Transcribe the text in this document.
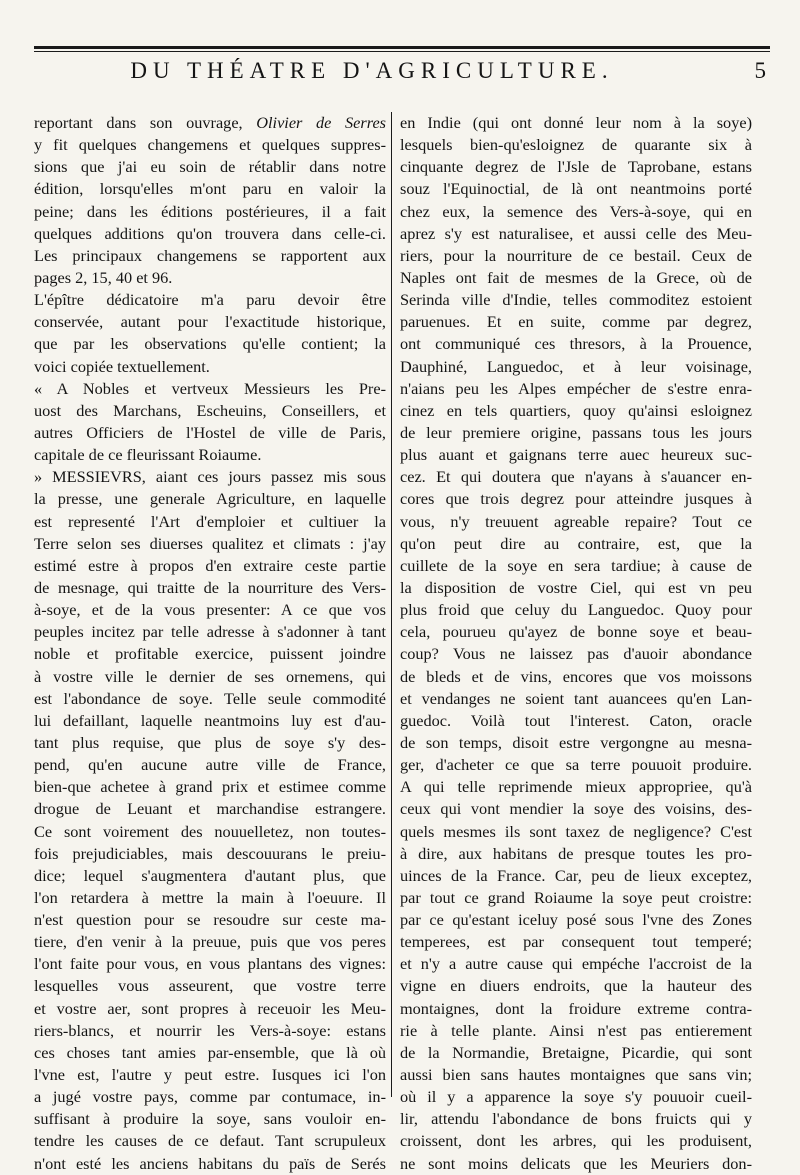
DU THÉATRE D'AGRICULTURE.	5
reportant dans son ouvrage, Olivier de Serres
y fit quelques changemens et quelques suppres-
sions que j'ai eu soin de rétablir dans notre
édition, lorsqu'elles m'ont paru en valoir la
peine; dans les éditions postérieures, il a fait
quelques additions qu'on trouvera dans celle-ci.
Les principaux changemens se rapportent aux
pages 2, 15, 40 et 96.
L'épître dédicatoire m'a paru devoir être
conservée, autant pour l'exactitude historique,
que par les observations qu'elle contient; la
voici copiée textuellement.
« A Nobles et vertveux Messieurs les Pre-
uost des Marchans, Escheuins, Conseillers, et
autres Officiers de l'Hostel de ville de Paris,
capitale de ce fleurissant Roiaume.
» MESSIEVRS, aiant ces jours passez mis sous
la presse, une generale Agriculture, en laquelle
est representé l'Art d'emploier et cultiuer la
Terre selon ses diuerses qualitez et climats : j'ay
estimé estre à propos d'en extraire ceste partie
de mesnage, qui traitte de la nourriture des Vers-
à-soye, et de la vous presenter: A ce que vos
peuples incitez par telle adresse à s'adonner à tant
noble et profitable exercice, puissent joindre
à vostre ville le dernier de ses ornemens, qui
est l'abondance de soye. Telle seule commodité
lui defaillant, laquelle neantmoins luy est d'au-
tant plus requise, que plus de soye s'y des-
pend, qu'en aucune autre ville de France,
bien-que achetee à grand prix et estimee comme
drogue de Leuant et marchandise estrangere.
Ce sont voirement des nouuelletez, non toutes-
fois prejudiciables, mais descouurans le preiu-
dice; lequel s'augmentera d'autant plus, que
l'on retardera à mettre la main à l'oeuure. Il
n'est question pour se resoudre sur ceste ma-
tiere, d'en venir à la preuue, puis que vos peres
l'ont faite pour vous, en vous plantans des vignes:
lesquelles vous asseurent, que vostre terre
et vostre aer, sont propres à receuoir les Meu-
riers-blancs, et nourrir les Vers-à-soye: estans
ces choses tant amies par-ensemble, que là où
l'vne est, l'autre y peut estre. Iusques ici l'on
a jugé vostre pays, comme par contumace, in-
suffisant à produire la soye, sans vouloir en-
tendre les causes de ce defaut. Tant scrupuleux
n'ont esté les anciens habitans du païs de Serés
en Indie (qui ont donné leur nom à la soye)
lesquels bien-qu'esloignez de quarante six à
cinquante degrez de l'Jsle de Taprobane, estans
souz l'Equinoctial, de là ont neantmoins porté
chez eux, la semence des Vers-à-soye, qui en
aprez s'y est naturalisee, et aussi celle des Meu-
riers, pour la nourriture de ce bestail. Ceux de
Naples ont fait de mesmes de la Grece, où de
Serinda ville d'Indie, telles commoditez estoient
paruenues. Et en suite, comme par degrez,
ont communiqué ces thresors, à la Prouence,
Dauphiné, Languedoc, et à leur voisinage,
n'aians peu les Alpes empécher de s'estre enra-
cinez en tels quartiers, quoy qu'ainsi esloignez
de leur premiere origine, passans tous les jours
plus auant et gaignans terre auec heureux suc-
cez. Et qui doutera que n'ayans à s'auancer en-
cores que trois degrez pour atteindre jusques à
vous, n'y treuuent agreable repaire? Tout ce
qu'on peut dire au contraire, est, que la
cuillete de la soye en sera tardiue; à cause de
la disposition de vostre Ciel, qui est vn peu
plus froid que celuy du Languedoc. Quoy pour
cela, pourueu qu'ayez de bonne soye et beau-
coup? Vous ne laissez pas d'auoir abondance
de bleds et de vins, encores que vos moissons
et vendanges ne soient tant auancees qu'en Lan-
guedoc. Voilà tout l'interest. Caton, oracle
de son temps, disoit estre vergongne au mesna-
ger, d'acheter ce que sa terre pouuoit produire.
A qui telle reprimende mieux appropriee, qu'à
ceux qui vont mendier la soye des voisins, des-
quels mesmes ils sont taxez de negligence? C'est
à dire, aux habitans de presque toutes les pro-
uinces de la France. Car, peu de lieux exceptez,
par tout ce grand Roiaume la soye peut croistre:
par ce qu'estant iceluy posé sous l'vne des Zones
temperees, est par consequent tout temperé;
et n'y a autre cause qui empéche l'accroist de la
vigne en diuers endroits, que la hauteur des
montaignes, dont la froidure extreme contra-
rie à telle plante. Ainsi n'est pas entierement
de la Normandie, Bretaigne, Picardie, qui sont
aussi bien sans hautes montaignes que sans vin;
où il y a apparence la soye s'y pouuoir cueil-
lir, attendu l'abondance de bons fruicts qui y
croissent, dont les arbres, qui les produisent,
ne sont moins delicats que les Meuriers don-
